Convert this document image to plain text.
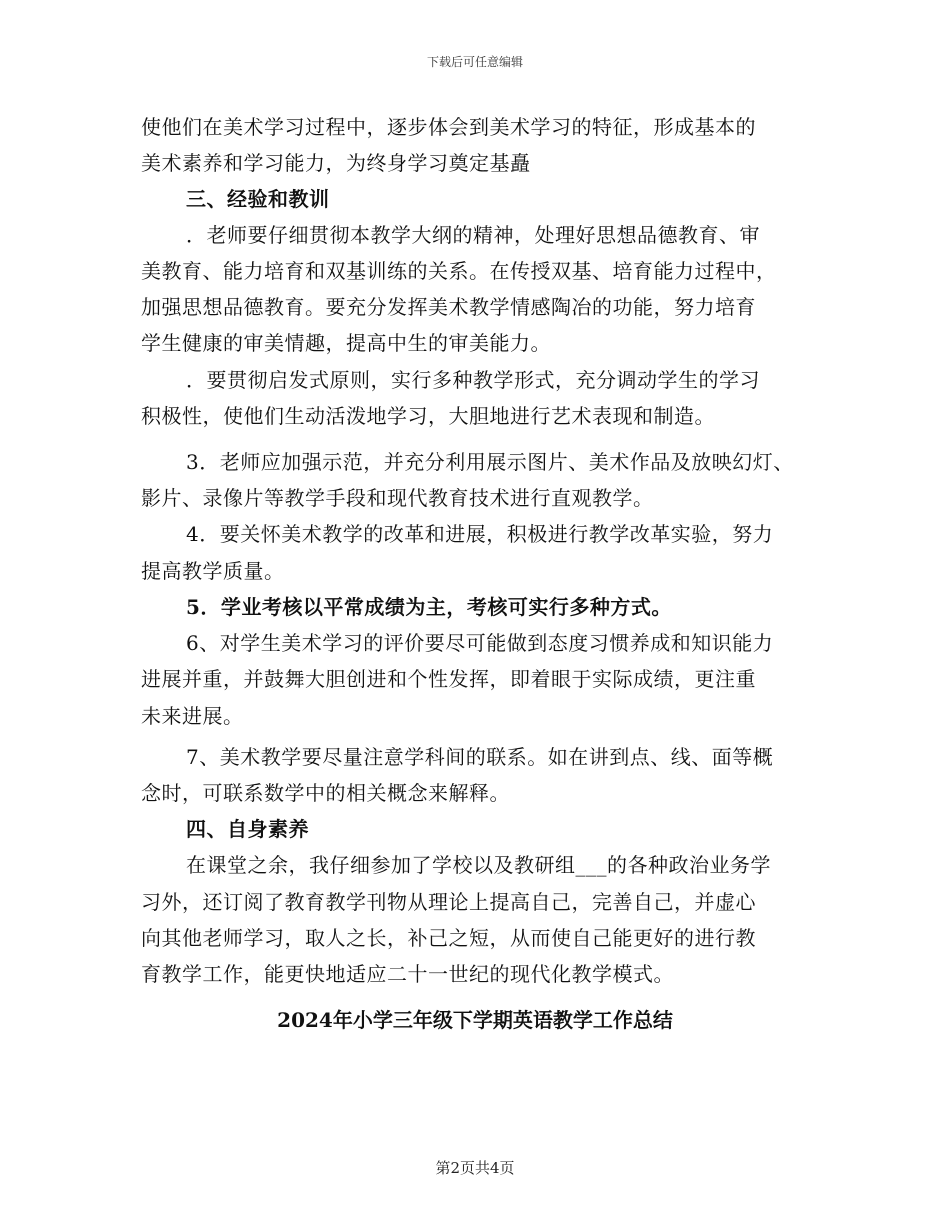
下载后可任意编辑
使他们在美术学习过程中，逐步体会到美术学习的特征，形成基本的
美术素养和学习能力，为终身学习奠定基矗
三、经验和教训
．老师要仔细贯彻本教学大纲的精神，处理好思想品德教育、审
美教育、能力培育和双基训练的关系。在传授双基、培育能力过程中，
加强思想品德教育。要充分发挥美术教学情感陶冶的功能，努力培育
学生健康的审美情趣，提高中生的审美能力。
．要贯彻启发式原则，实行多种教学形式，充分调动学生的学习
积极性，使他们生动活泼地学习，大胆地进行艺术表现和制造。
3．老师应加强示范，并充分利用展示图片、美术作品及放映幻灯、
影片、录像片等教学手段和现代教育技术进行直观教学。
4．要关怀美术教学的改革和进展，积极进行教学改革实验，努力
提高教学质量。
5．学业考核以平常成绩为主，考核可实行多种方式。
6、对学生美术学习的评价要尽可能做到态度习惯养成和知识能力
进展并重，并鼓舞大胆创进和个性发挥，即着眼于实际成绩，更注重
未来进展。
7、美术教学要尽量注意学科间的联系。如在讲到点、线、面等概
念时，可联系数学中的相关概念来解释。
四、自身素养
在课堂之余，我仔细参加了学校以及教研组___的各种政治业务学
习外，还订阅了教育教学刊物从理论上提高自己，完善自己，并虚心
向其他老师学习，取人之长，补己之短，从而使自己能更好的进行教
育教学工作，能更快地适应二十一世纪的现代化教学模式。
2024年小学三年级下学期英语教学工作总结
第2页共4页
